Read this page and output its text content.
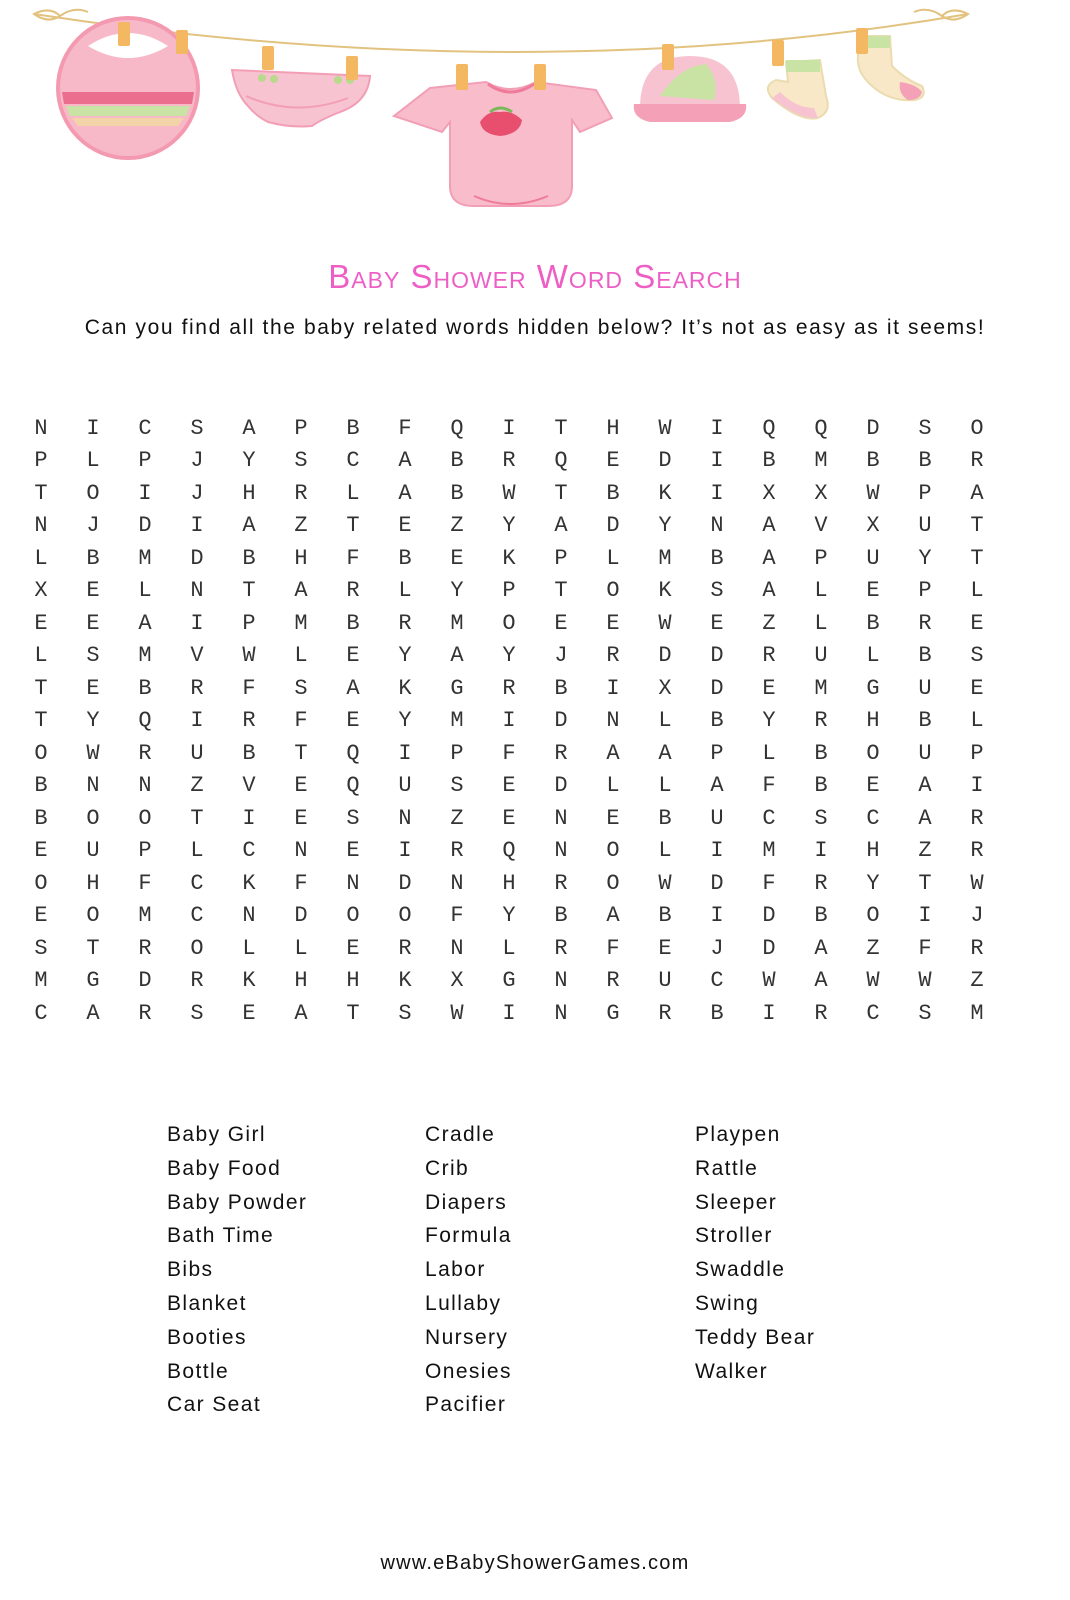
Baby Shower Word Search
Can you find all the baby related words hidden below? It’s not as easy as it seems!
N	I	C	S	A	P	B	F	Q	I	T	H	W	I	Q	Q	D	S	O
P	L	P	J	Y	S	C	A	B	R	Q	E	D	I	B	M	B	B	R
T	O	I	J	H	R	L	A	B	W	T	B	K	I	X	X	W	P	A
N	J	D	I	A	Z	T	E	Z	Y	A	D	Y	N	A	V	X	U	T
L	B	M	D	B	H	F	B	E	K	P	L	M	B	A	P	U	Y	T
X	E	L	N	T	A	R	L	Y	P	T	O	K	S	A	L	E	P	L
E	E	A	I	P	M	B	R	M	O	E	E	W	E	Z	L	B	R	E
L	S	M	V	W	L	E	Y	A	Y	J	R	D	D	R	U	L	B	S
T	E	B	R	F	S	A	K	G	R	B	I	X	D	E	M	G	U	E
T	Y	Q	I	R	F	E	Y	M	I	D	N	L	B	Y	R	H	B	L
O	W	R	U	B	T	Q	I	P	F	R	A	A	P	L	B	O	U	P
B	N	N	Z	V	E	Q	U	S	E	D	L	L	A	F	B	E	A	I
B	O	O	T	I	E	S	N	Z	E	N	E	B	U	C	S	C	A	R
E	U	P	L	C	N	E	I	R	Q	N	O	L	I	M	I	H	Z	R
O	H	F	C	K	F	N	D	N	H	R	O	W	D	F	R	Y	T	W
E	O	M	C	N	D	O	O	F	Y	B	A	B	I	D	B	O	I	J
S	T	R	O	L	L	E	R	N	L	R	F	E	J	D	A	Z	F	R
M	G	D	R	K	H	H	K	X	G	N	R	U	C	W	A	W	W	Z
C	A	R	S	E	A	T	S	W	I	N	G	R	B	I	R	C	S	M
Baby Girl
Baby Food
Baby Powder
Bath Time
Bibs
Blanket
Booties
Bottle
Car Seat
Cradle
Crib
Diapers
Formula
Labor
Lullaby
Nursery
Onesies
Pacifier
Playpen
Rattle
Sleeper
Stroller
Swaddle
Swing
Teddy Bear
Walker
www.eBabyShowerGames.com
